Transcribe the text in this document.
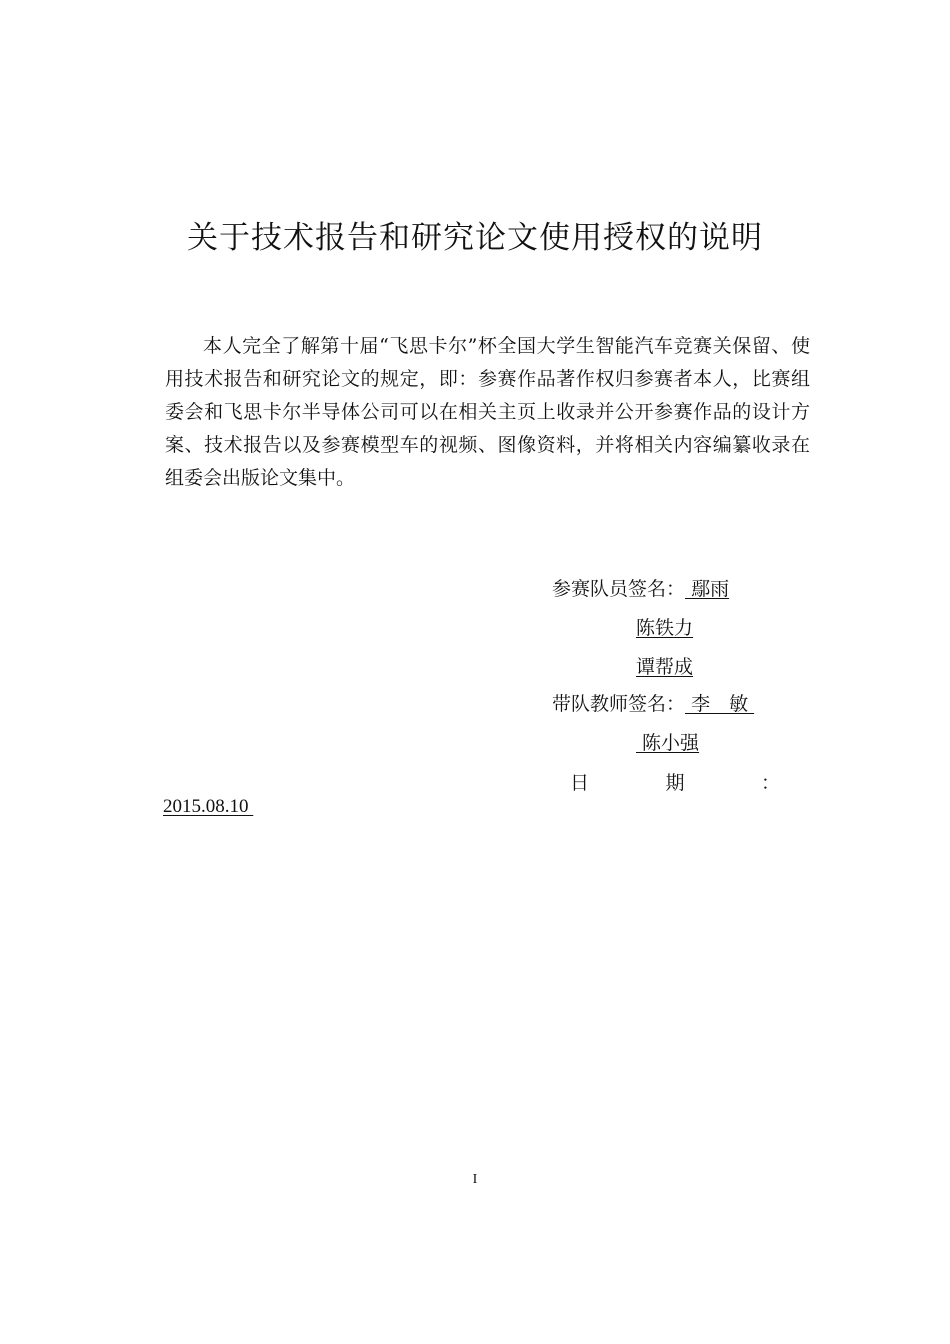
关于技术报告和研究论文使用授权的说明

本人完全了解第十届“飞思卡尔”杯全国大学生智能汽车竞赛关保留、使用技术报告和研究论文的规定，即：参赛作品著作权归参赛者本人，比赛组委会和飞思卡尔半导体公司可以在相关主页上收录并公开参赛作品的设计方案、技术报告以及参赛模型车的视频、图像资料，并将相关内容编纂收录在组委会出版论文集中。

参赛队员签名： 鄢雨
陈铁力
谭帮成
带队教师签名： 李　敏
陈小强
日	期	：
2015.08.10
I
